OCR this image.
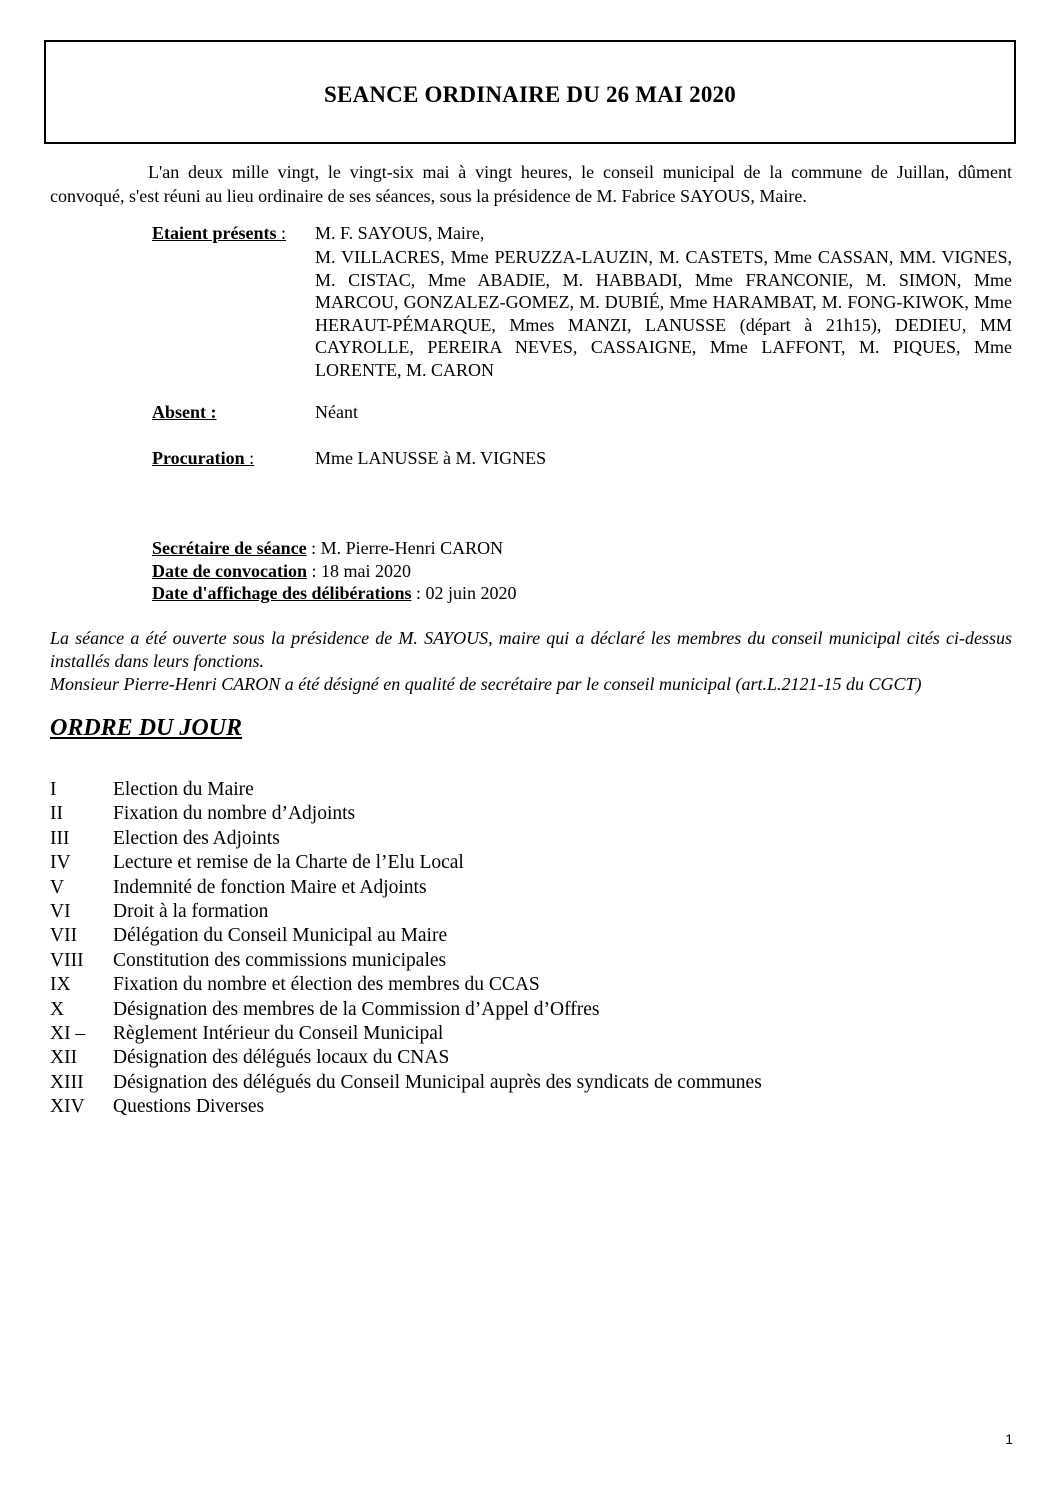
SEANCE ORDINAIRE DU 26 MAI 2020

L'an deux mille vingt, le vingt-six mai à vingt heures, le conseil municipal de la commune de Juillan, dûment convoqué, s'est réuni au lieu ordinaire de ses séances, sous la présidence de M. Fabrice SAYOUS, Maire.

Etaient présents : M. F. SAYOUS, Maire,

M. VILLACRES, Mme PERUZZA-LAUZIN, M. CASTETS, Mme CASSAN, MM. VIGNES, M. CISTAC, Mme ABADIE, M. HABBADI, Mme FRANCONIE, M. SIMON, Mme MARCOU, GONZALEZ-GOMEZ, M. DUBIÉ, Mme HARAMBAT, M. FONG-KIWOK, Mme HERAUT-PÉMARQUE, Mmes MANZI, LANUSSE (départ à 21h15), DEDIEU, MM CAYROLLE, PEREIRA NEVES, CASSAIGNE, Mme LAFFONT, M. PIQUES, Mme LORENTE, M. CARON

Absent :	Néant
Procuration :	Mme LANUSSE à M. VIGNES
Secrétaire de séance : M. Pierre-Henri CARON
Date de convocation : 18 mai 2020
Date d'affichage des délibérations : 02 juin 2020
La séance a été ouverte sous la présidence de M. SAYOUS, maire qui a déclaré les membres du conseil municipal cités ci-dessus installés dans leurs fonctions.
Monsieur Pierre-Henri CARON a été désigné en qualité de secrétaire par le conseil municipal (art.L.2121-15 du CGCT)
ORDRE DU JOUR
I	Election du Maire
II	Fixation du nombre d’Adjoints
III Election des Adjoints
IV Lecture et remise de la Charte de l’Elu Local
V	Indemnité de fonction Maire et Adjoints
VI Droit à la formation
VII Délégation du Conseil Municipal au Maire
VIII Constitution des commissions municipales
IX Fixation du nombre et élection des membres du CCAS
X	Désignation des membres de la Commission d’Appel d’Offres
XI – Règlement Intérieur du Conseil Municipal
XII Désignation des délégués locaux du CNAS
XIII Désignation des délégués du Conseil Municipal auprès des syndicats de communes
XIV Questions Diverses
1
